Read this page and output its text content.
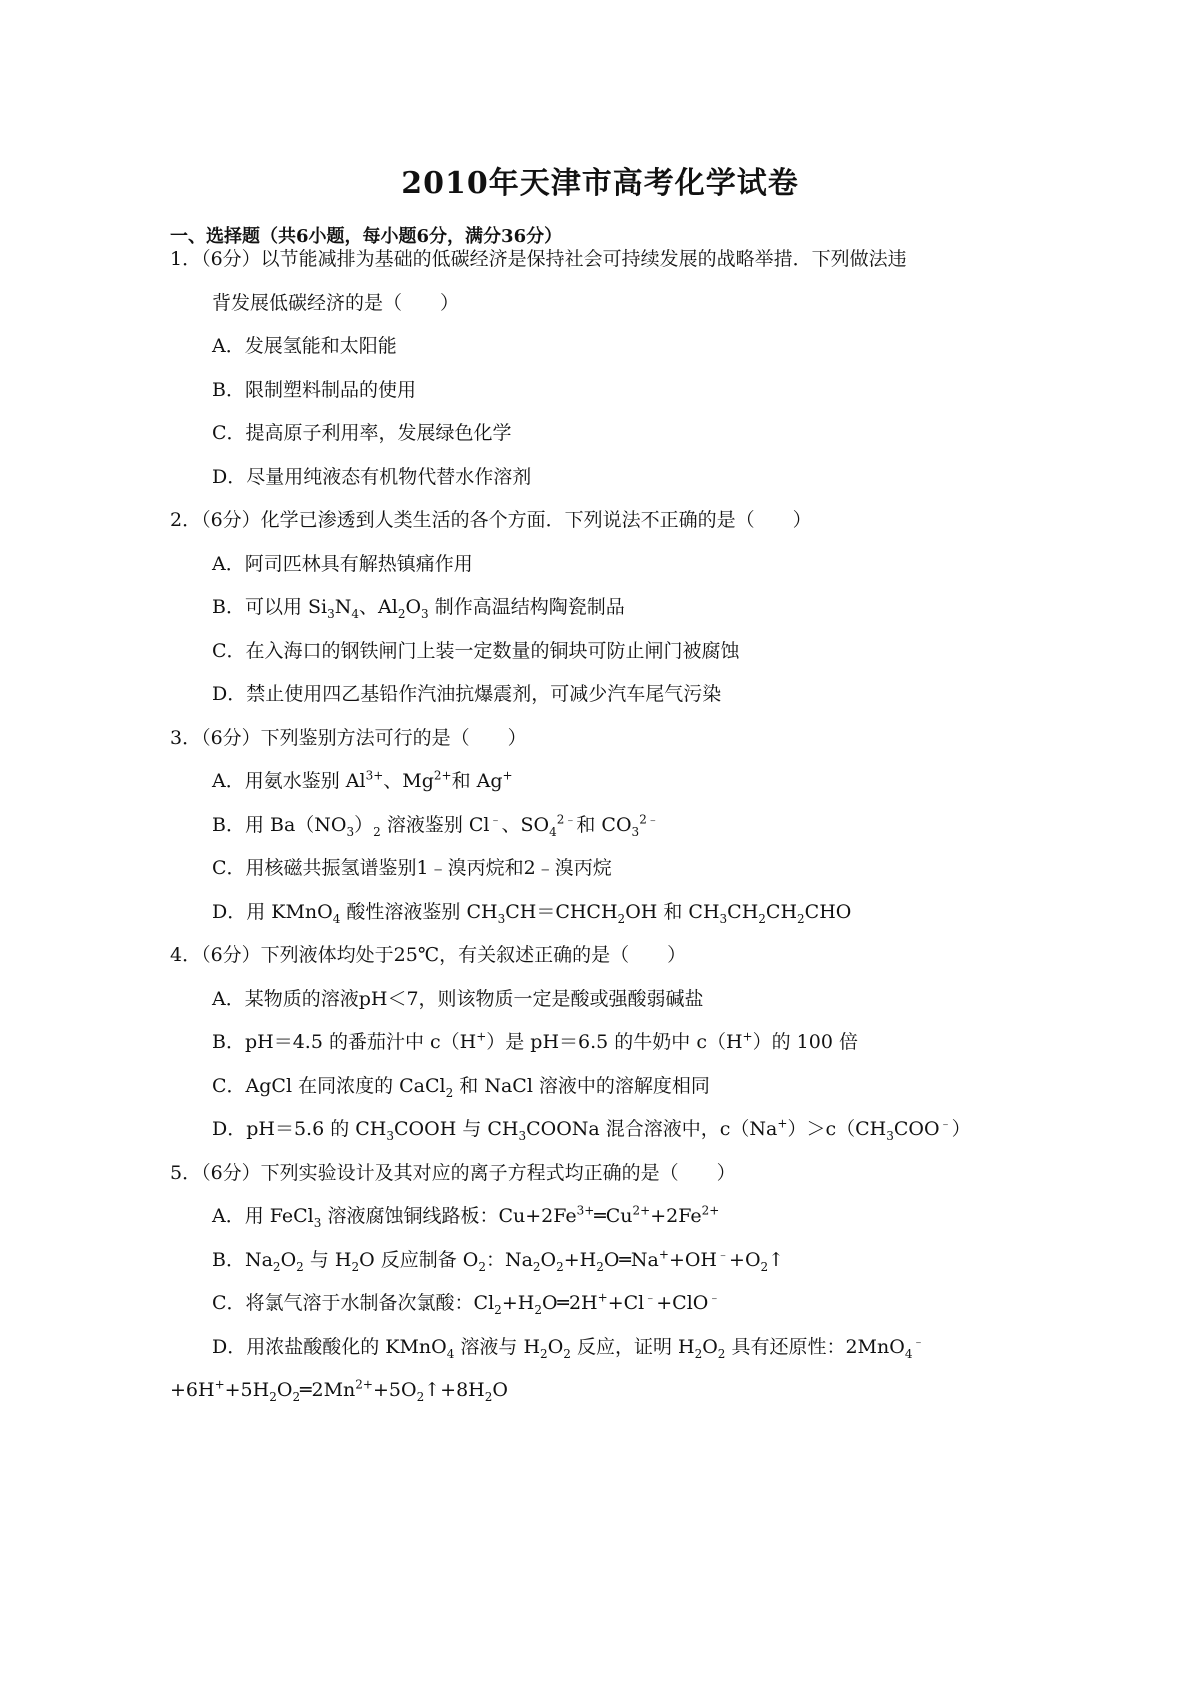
2010年天津市高考化学试卷
一、选择题（共6小题，每小题6分，满分36分）
1．（6分）以节能减排为基础的低碳经济是保持社会可持续发展的战略举措．下列做法违
背发展低碳经济的是（　　）
A．发展氢能和太阳能
B．限制塑料制品的使用
C．提高原子利用率，发展绿色化学
D．尽量用纯液态有机物代替水作溶剂
2．（6分）化学已渗透到人类生活的各个方面．下列说法不正确的是（　　）
A．阿司匹林具有解热镇痛作用
B．可以用 $Si_3N_4$、$Al_2O_3$ 制作高温结构陶瓷制品
C．在入海口的钢铁闸门上装一定数量的铜块可防止闸门被腐蚀
D．禁止使用四乙基铅作汽油抗爆震剂，可减少汽车尾气污染
3．（6分）下列鉴别方法可行的是（　　）
A．用氨水鉴别 $Al^{3+}$、$Mg^{2+}$和 Ag+
B．用 $Ba(NO_3)_2$ 溶液鉴别 Cl﹣、$SO_4^{2﹣}$和 $CO_3^{2﹣}$
C．用核磁共振氢谱鉴别1﹣溴丙烷和2﹣溴丙烷
D．用 KMnO$_4$ 酸性溶液鉴别 $CH_3CH=CHCH_2OH$ 和 $CH_3CH_2CH_2CHO$
4．（6分）下列液体均处于25℃，有关叙述正确的是（　　）
A．某物质的溶液pH＜7，则该物质一定是酸或强酸弱碱盐
B．pH＝4.5 的番茄汁中 c（H+）是 pH＝6.5 的牛奶中 c（H+）的 100 倍
C．AgCl 在同浓度的 CaCl$_2$ 和 NaCl 溶液中的溶解度相同
D．pH＝5.6 的 $CH_3COOH$ 与 $CH_3COONa$ 混合溶液中，$c(Na^+)>c(CH_3COO^﹣)$
5．（6分）下列实验设计及其对应的离子方程式均正确的是（　　）
A．用 FeCl$_3$ 溶液腐蚀铜线路板：$Cu+2Fe^{3+}═Cu^{2+}+2Fe^{2+}$
B．$Na_2O_2$ 与 $H_2O$ 反应制备 $O_2$：$Na_2O_2+H_2O═Na^++OH^﹣+O_2↑$
C．将氯气溶于水制备次氯酸：$Cl_2+H_2O═2H^++Cl^﹣+ClO^﹣$
D．用浓盐酸酸化的 KMnO$_4$ 溶液与 $H_2O_2$ 反应，证明 $H_2O_2$ 具有还原性：2MnO$_4$﹣
$+6H^++5H_2O_2═2Mn^{2+}+5O_2↑+8H_2O$
